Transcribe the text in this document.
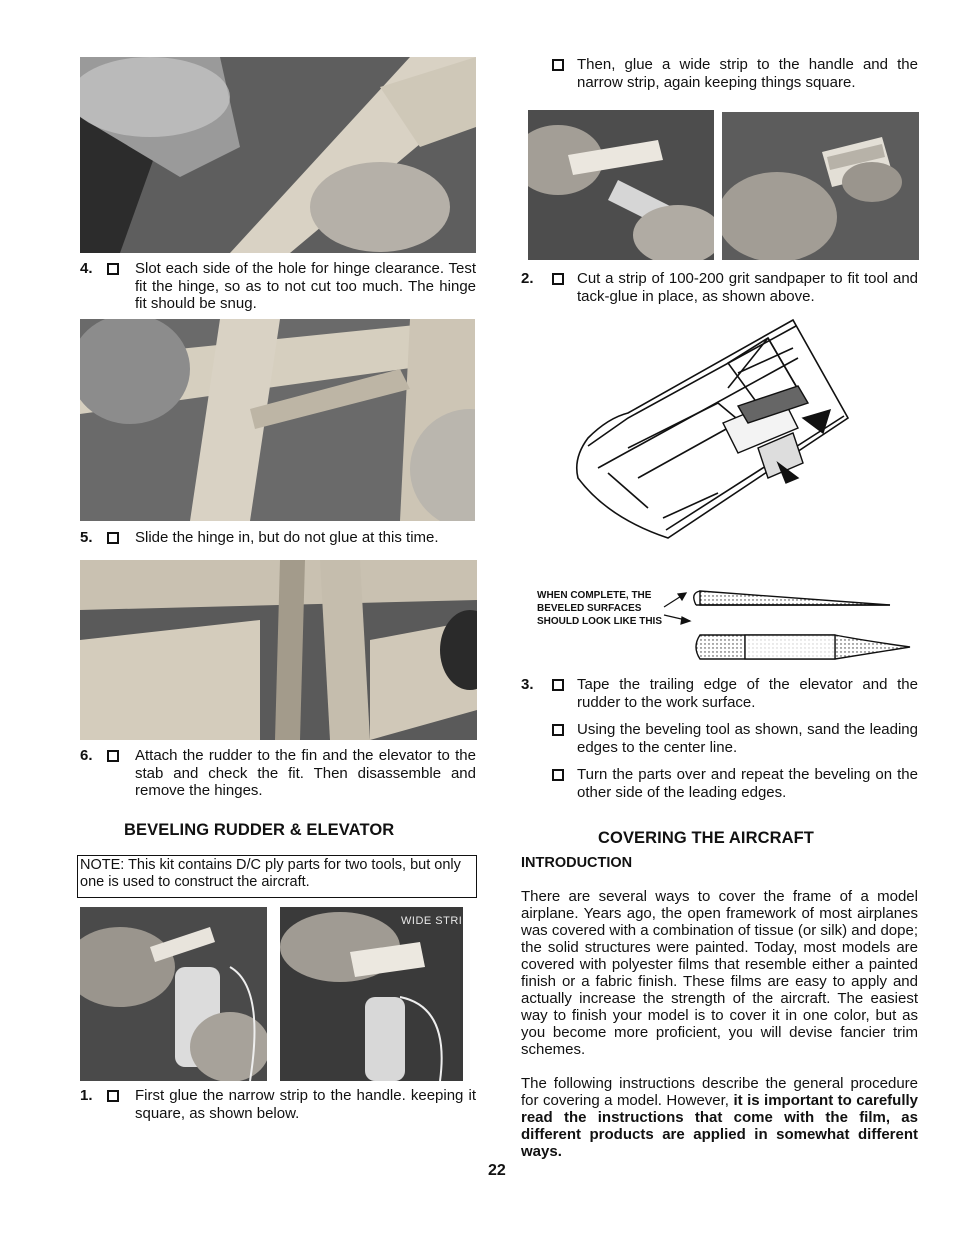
4.	Slot each side of the hole for hinge clearance. Test fit the hinge, so as to not cut too much. The hinge fit should be snug.
5.	Slide the hinge in, but do not glue at this time.
6.	Attach the rudder to the fin and the elevator to the stab and check the fit. Then disassemble and remove the hinges.
BEVELING RUDDER & ELEVATOR
NOTE: This kit contains D/C ply parts for two tools, but only one is used to construct the aircraft.
WIDE STRI
1.	First glue the narrow strip to the handle. keeping it square, as shown below.
Then, glue a wide strip to the handle and the narrow strip, again keeping things square.
2.	Cut a strip of 100-200 grit sandpaper to fit tool and tack-glue in place, as shown above.
WHEN COMPLETE, THE BEVELED SURFACES SHOULD LOOK LIKE THIS
3.	Tape the trailing edge of the elevator and the rudder to the work surface.
Using the beveling tool as shown, sand the leading edges to the center line.
Turn the parts over and repeat the beveling on the other side of the leading edges.
COVERING THE AIRCRAFT
INTRODUCTION
There are several ways to cover the frame of a model airplane. Years ago, the open framework of most airplanes was covered with a combination of tissue (or silk) and dope; the solid structures were painted. Today, most models are covered with polyester films that resemble either a painted finish or a fabric finish. These films are easy to apply and actually increase the strength of the aircraft. The easiest way to finish your model is to cover it in one color, but as you become more proficient, you will devise fancier trim schemes.
The following instructions describe the general procedure for covering a model. However, it is important to carefully read the instructions that come with the film, as different products are applied in somewhat different ways.
22
